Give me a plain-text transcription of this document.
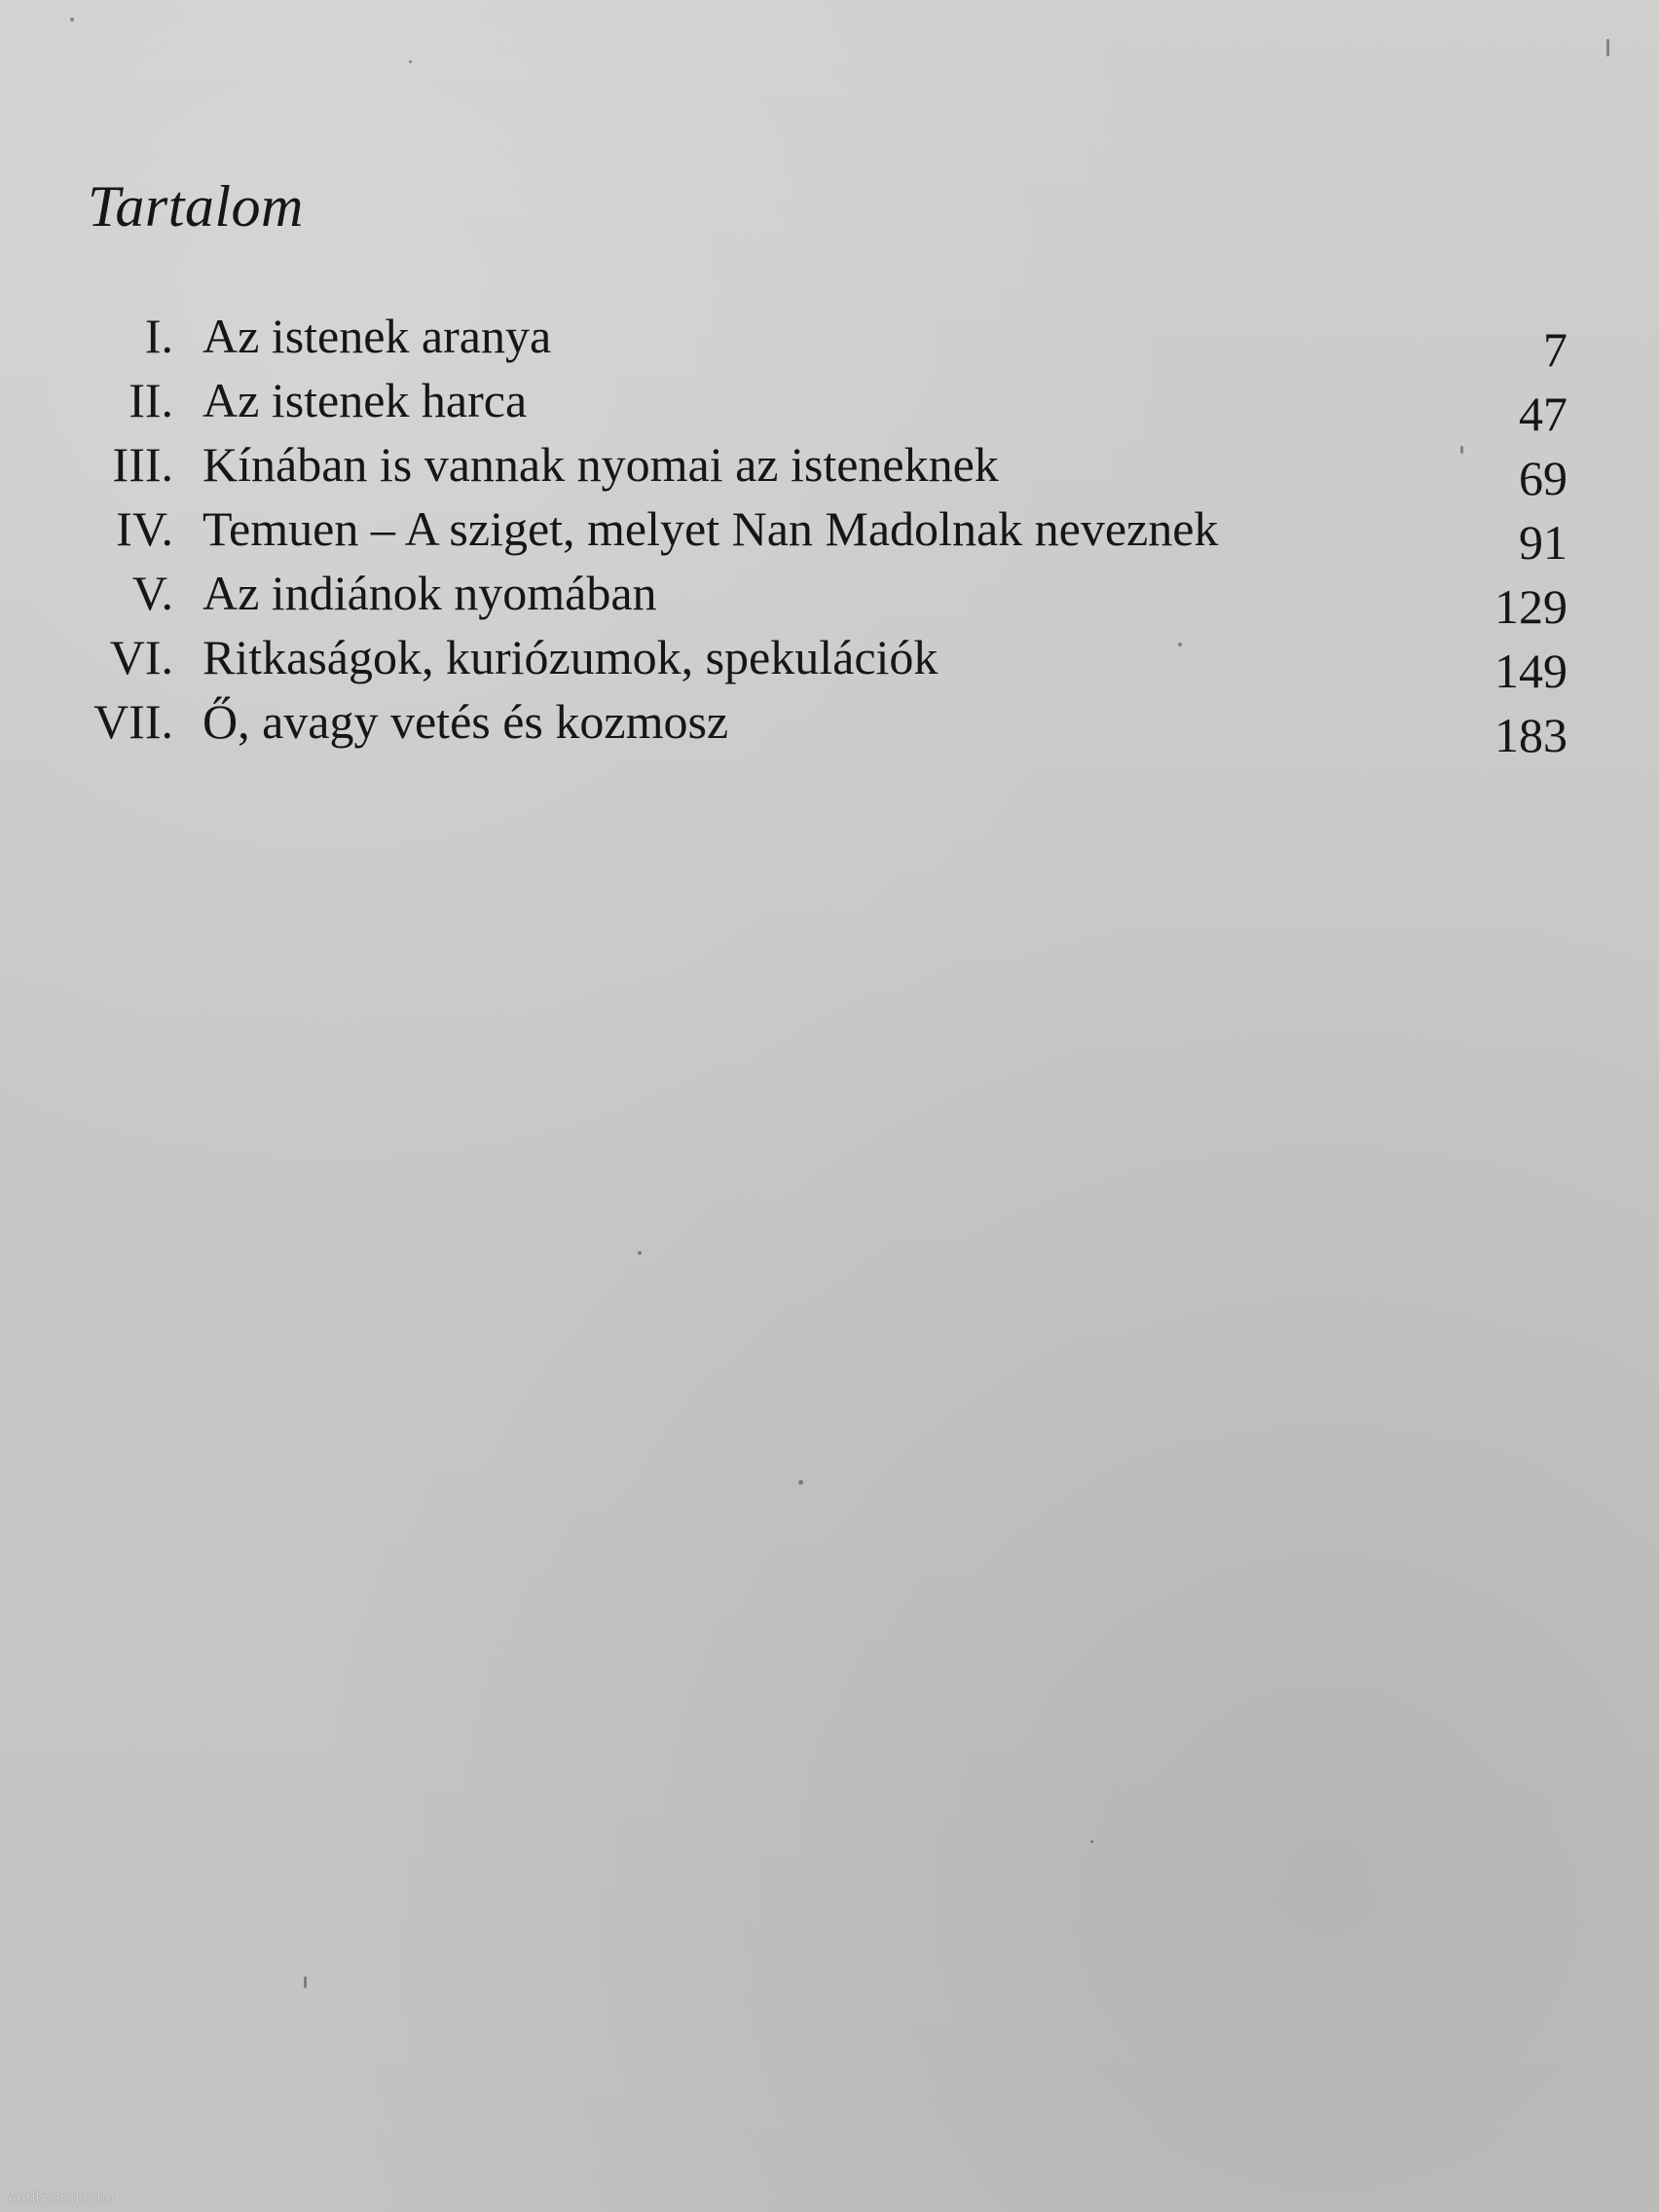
Tartalom
I. Az istenek aranya	7
II. Az istenek harca	47
III. Kínában is vannak nyomai az isteneknek	69
IV. Temuen – A sziget, melyet Nan Madolnak neveznek	91
V. Az indiánok nyomában	129
VI. Ritkaságok, kuriózumok, spekulációk	149
VII. Ő, avagy vetés és kozmosz	183
Antikvarium.hu
